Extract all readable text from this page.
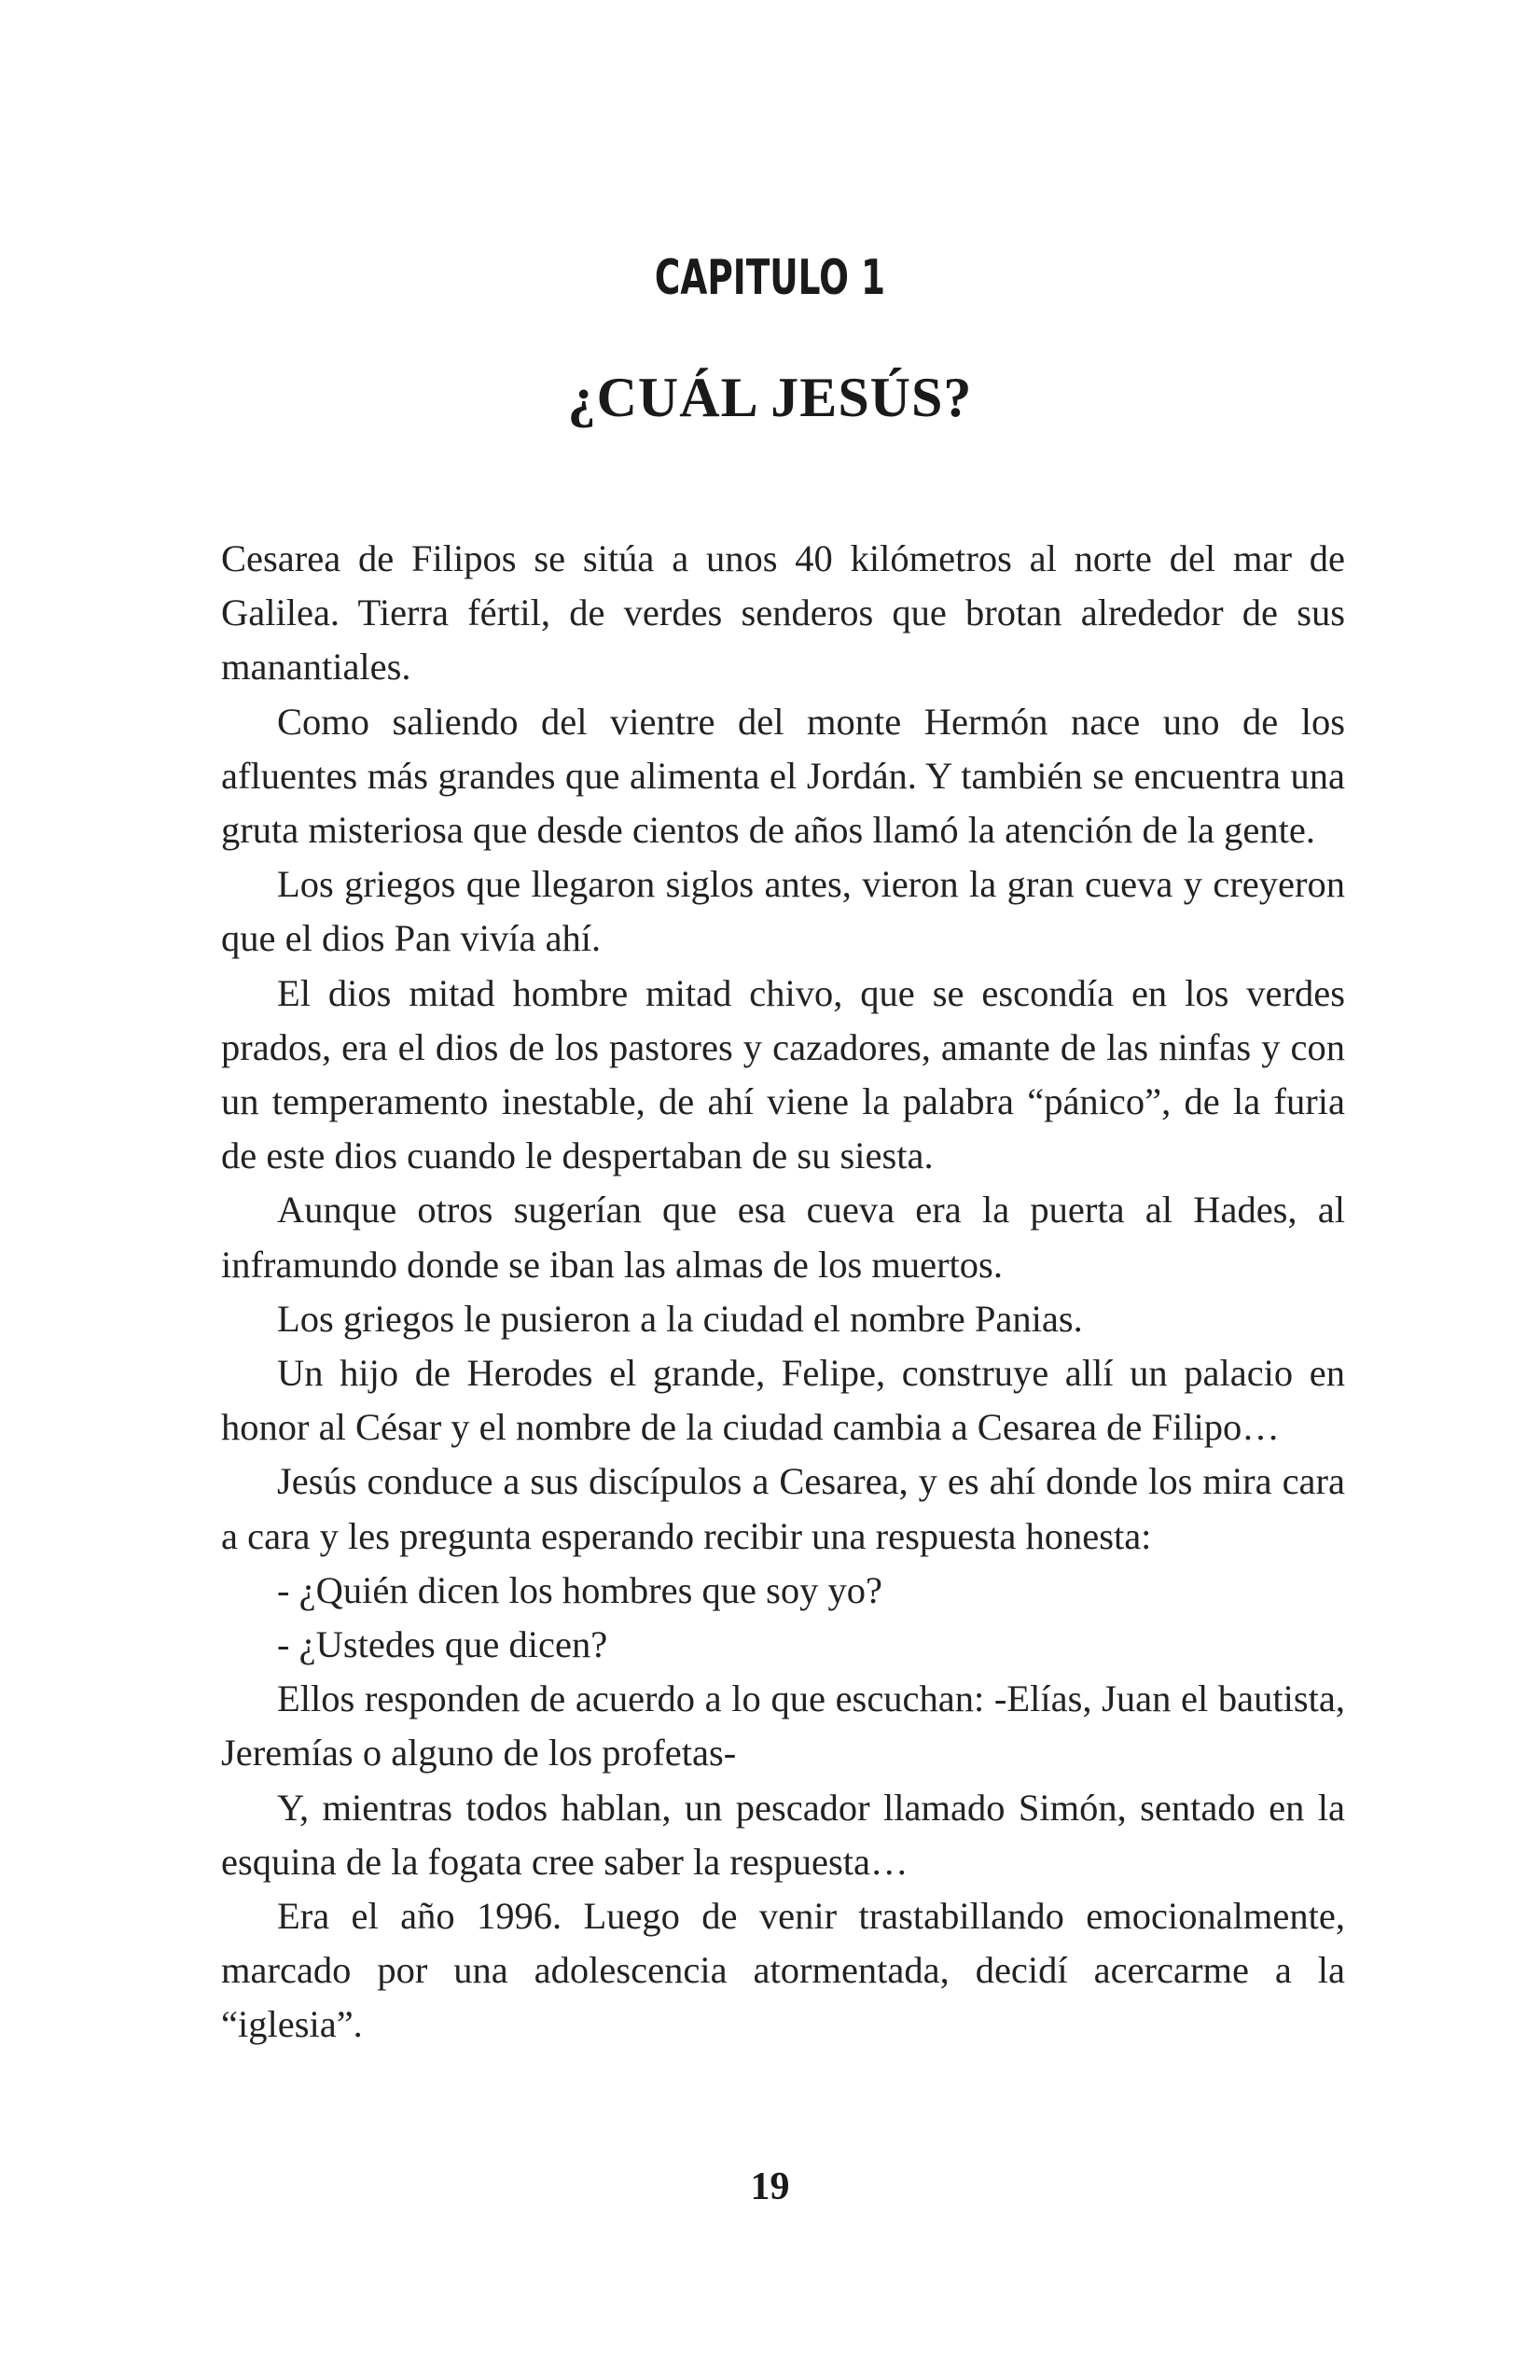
CAPITULO 1
¿CUÁL JESÚS?

Cesarea de Filipos se sitúa a unos 40 kilómetros al norte del mar de Galilea. Tierra fértil, de verdes senderos que brotan alrededor de sus manantiales.

Como saliendo del vientre del monte Hermón nace uno de los afluentes más grandes que alimenta el Jordán. Y también se encuentra una gruta misteriosa que desde cientos de años llamó la atención de la gente.

Los griegos que llegaron siglos antes, vieron la gran cueva y creyeron que el dios Pan vivía ahí.

El dios mitad hombre mitad chivo, que se escondía en los verdes prados, era el dios de los pastores y cazadores, amante de las ninfas y con un temperamento inestable, de ahí viene la palabra “pánico”, de la furia de este dios cuando le despertaban de su siesta.

Aunque otros sugerían que esa cueva era la puerta al Hades, al inframundo donde se iban las almas de los muertos.

Los griegos le pusieron a la ciudad el nombre Panias.

Un hijo de Herodes el grande, Felipe, construye allí un palacio en honor al César y el nombre de la ciudad cambia a Cesarea de Filipo…

Jesús conduce a sus discípulos a Cesarea, y es ahí donde los mira cara a cara y les pregunta esperando recibir una respuesta honesta:

- ¿Quién dicen los hombres que soy yo?

- ¿Ustedes que dicen?

Ellos responden de acuerdo a lo que escuchan: -Elías, Juan el bautista, Jeremías o alguno de los profetas-

Y, mientras todos hablan, un pescador llamado Simón, sentado en la esquina de la fogata cree saber la respuesta…

Era el año 1996. Luego de venir trastabillando emocionalmente, marcado por una adolescencia atormentada, decidí acercarme a la “iglesia”.

19
